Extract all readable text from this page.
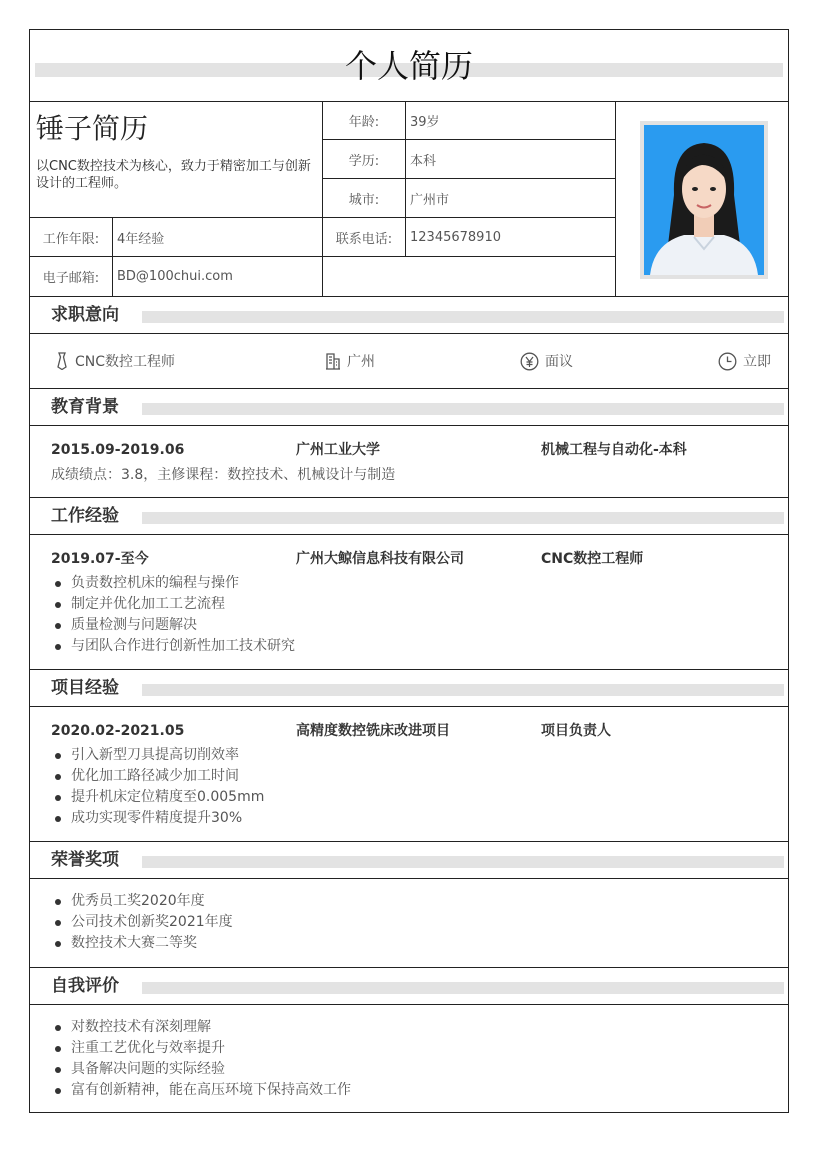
个人简历
锤子简历
以CNC数控技术为核心，致力于精密加工与创新设计的工程师。
年龄:	39岁
学历:	本科
城市:	广州市
工作年限:	4年经验	联系电话:	12345678910
电子邮箱:	BD@100chui.com
求职意向
CNC数控工程师	广州	面议	立即
教育背景
2015.09-2019.06	广州工业大学	机械工程与自动化-本科
成绩绩点：3.8，主修课程：数控技术、机械设计与制造
工作经验
2019.07-至今	广州大鲸信息科技有限公司	CNC数控工程师
负责数控机床的编程与操作
制定并优化加工工艺流程
质量检测与问题解决
与团队合作进行创新性加工技术研究
项目经验
2020.02-2021.05	高精度数控铣床改进项目	项目负责人
引入新型刀具提高切削效率
优化加工路径减少加工时间
提升机床定位精度至0.005mm
成功实现零件精度提升30%
荣誉奖项
优秀员工奖2020年度
公司技术创新奖2021年度
数控技术大赛二等奖
自我评价
对数控技术有深刻理解
注重工艺优化与效率提升
具备解决问题的实际经验
富有创新精神，能在高压环境下保持高效工作
